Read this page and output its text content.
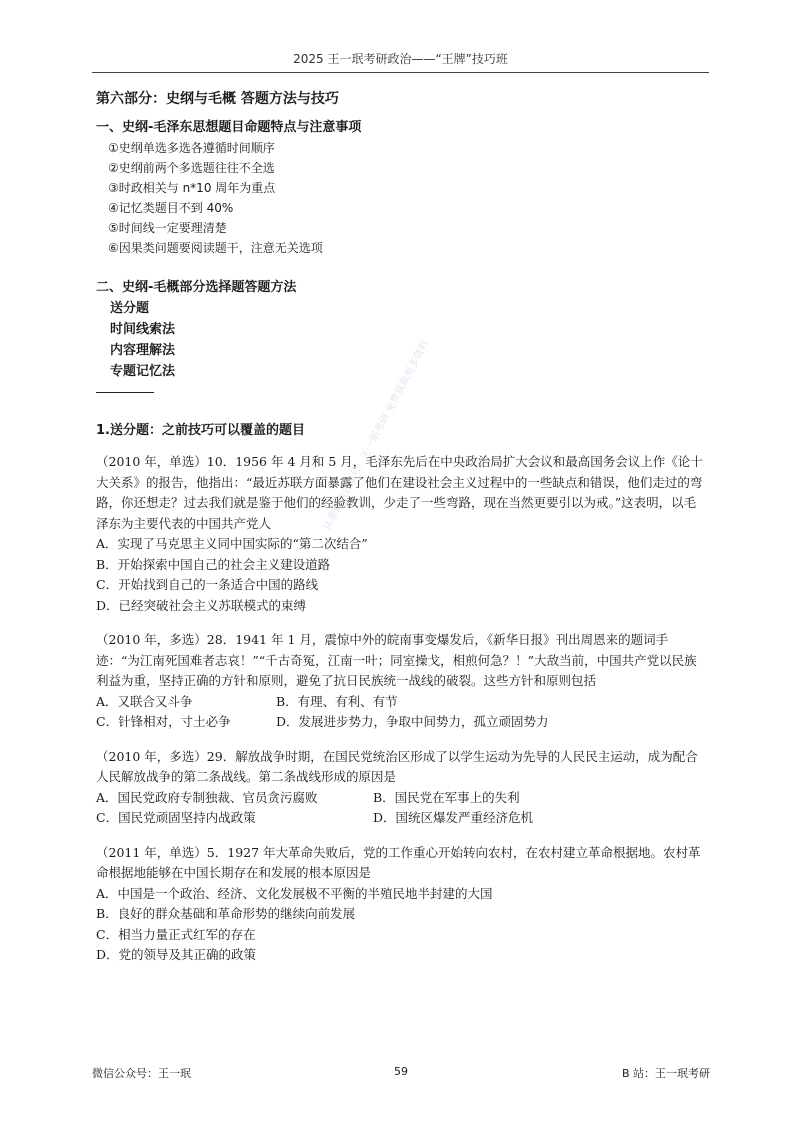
2025 王一珉考研政治——“王牌”技巧班
认准微信公众号：王一珉考研 免费获取更多资料
第六部分：史纲与毛概 答题方法与技巧
一、史纲-毛泽东思想题目命题特点与注意事项
①史纲单选多选各遵循时间顺序
②史纲前两个多选题往往不全选
③时政相关与 n*10 周年为重点
④记忆类题目不到 40%
⑤时间线一定要理清楚
⑥因果类问题要阅读题干，注意无关选项
二、史纲-毛概部分选择题答题方法
送分题
时间线索法
内容理解法
专题记忆法
1.送分题：之前技巧可以覆盖的题目

（2010 年，单选）10．1956 年 4 月和 5 月，毛泽东先后在中央政治局扩大会议和最高国务会议上作《论十大关系》的报告，他指出：“最近苏联方面暴露了他们在建设社会主义过程中的一些缺点和错误，他们走过的弯路，你还想走？过去我们就是鉴于他们的经验教训，少走了一些弯路，现在当然更要引以为戒。”这表明，以毛泽东为主要代表的中国共产党人

A．实现了马克思主义同中国实际的“第二次结合”

B．开始探索中国自己的社会主义建设道路

C．开始找到自己的一条适合中国的路线

D．已经突破社会主义苏联模式的束缚

（2010 年，多选）28．1941 年 1 月，震惊中外的皖南事变爆发后，《新华日报》刊出周恩来的题词手迹：“为江南死国难者志哀！”“千古奇冤，江南一叶；同室操戈，相煎何急？！”大敌当前，中国共产党以民族利益为重，坚持正确的方针和原则，避免了抗日民族统一战线的破裂。这些方针和原则包括

A．又联合又斗争	B．有理、有利、有节
C．针锋相对，寸土必争	D．发展进步势力，争取中间势力，孤立顽固势力

（2010 年，多选）29．解放战争时期，在国民党统治区形成了以学生运动为先导的人民民主运动，成为配合人民解放战争的第二条战线。第二条战线形成的原因是

A．国民党政府专制独裁、官员贪污腐败	B．国民党在军事上的失利
C．国民党顽固坚持内战政策	D．国统区爆发严重经济危机

（2011 年，单选）5．1927 年大革命失败后，党的工作重心开始转向农村，在农村建立革命根据地。农村革命根据地能够在中国长期存在和发展的根本原因是

A．中国是一个政治、经济、文化发展极不平衡的半殖民地半封建的大国

B．良好的群众基础和革命形势的继续向前发展

C．相当力量正式红军的存在

D．党的领导及其正确的政策

微信公众号：王一珉	59	B 站：王一珉考研
